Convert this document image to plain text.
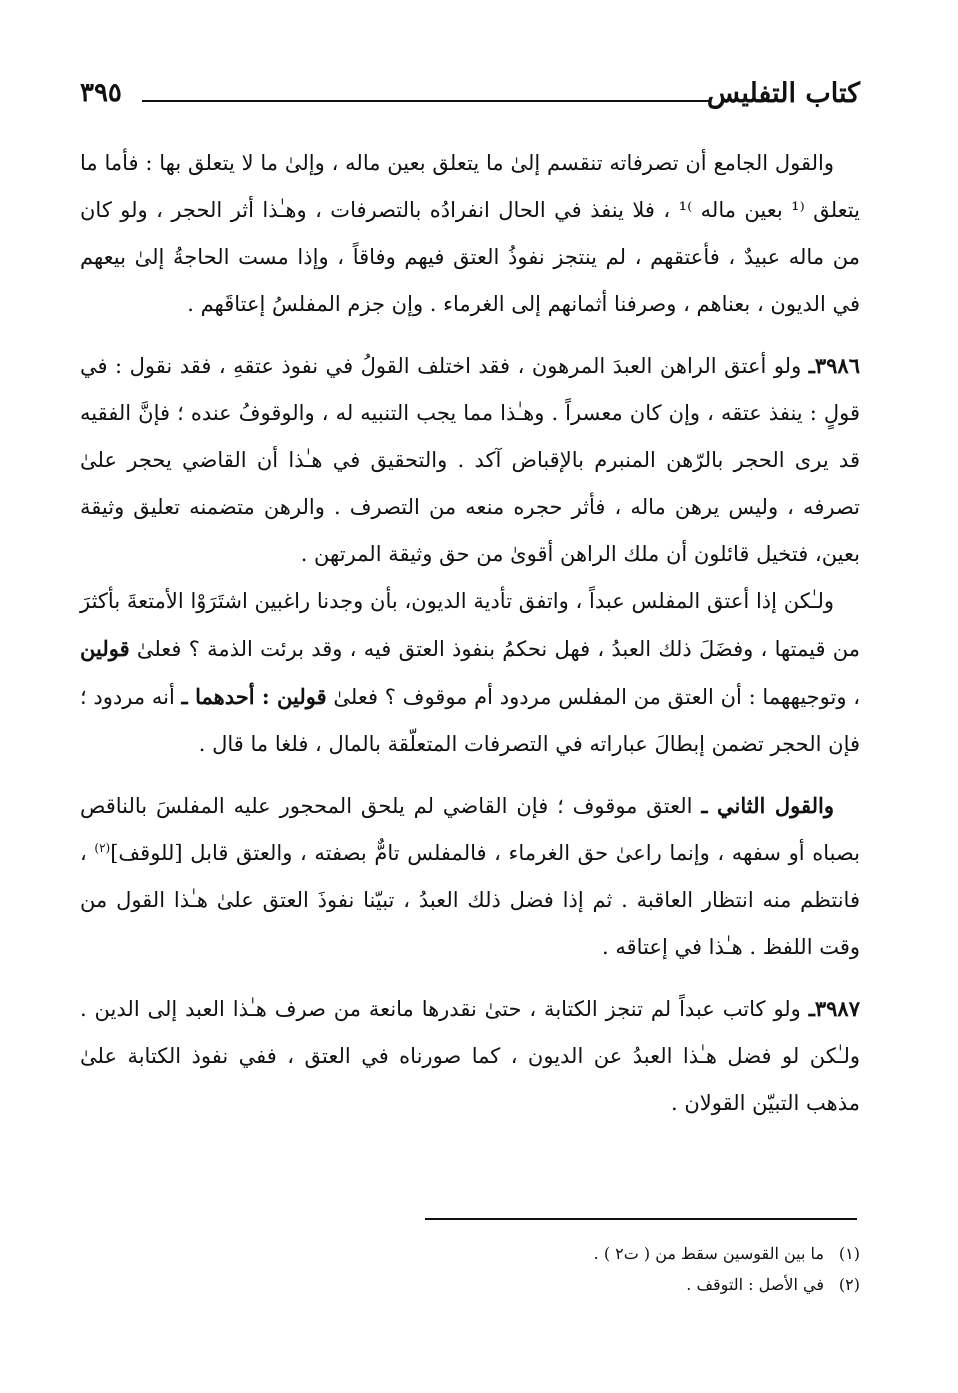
كتاب التفليس
٣٩٥

والقول الجامع أن تصرفاته تنقسم إلىٰ ما يتعلق بعين ماله ، وإلىٰ ما لا يتعلق بها : فأما ما يتعلق ⁽¹ بعين ماله ⁾¹ ، فلا ينفذ في الحال انفرادُه بالتصرفات ، وهـٰذا أثر الحجر ، ولو كان من ماله عبيدٌ ، فأعتقهم ، لم ينتجز نفوذُ العتق فيهم وفاقاً ، وإذا مست الحاجةُ إلىٰ بيعهم في الديون ، بعناهم ، وصرفنا أثمانهم إلى الغرماء . وإن جزم المفلسُ إعتاقَهم .

٣٩٨٦ـ ولو أعتق الراهن العبدَ المرهون ، فقد اختلف القولُ في نفوذ عتقهِ ، فقد نقول : في قولٍ : ينفذ عتقه ، وإن كان معسراً . وهـٰذا مما يجب التنبيه له ، والوقوفُ عنده ؛ فإنَّ الفقيه قد يرى الحجر بالرّهن المنبرم بالإقباض آكد . والتحقيق في هـٰذا أن القاضي يحجر علىٰ تصرفه ، وليس يرهن ماله ، فأثر حجره منعه من التصرف . والرهن متضمنه تعليق وثيقة بعين، فتخيل قائلون أن ملك الراهن أقوىٰ من حق وثيقة المرتهن .

ولـٰكن إذا أعتق المفلس عبداً ، واتفق تأدية الديون، بأن وجدنا راغبين اشتَرَوْا الأمتعةَ بأكثرَ من قيمتها ، وفضَلَ ذلك العبدُ ، فهل نحكمُ بنفوذ العتق فيه ، وقد برئت الذمة ؟ فعلىٰ قولين ، وتوجيههما : أن العتق من المفلس مردود أم موقوف ؟ فعلىٰ قولين : أحدهما ـ أنه مردود ؛ فإن الحجر تضمن إبطالَ عباراته في التصرفات المتعلّقة بالمال ، فلغا ما قال .

والقول الثاني ـ العتق موقوف ؛ فإن القاضي لم يلحق المحجور عليه المفلسَ بالناقص بصباه أو سفهه ، وإنما راعىٰ حق الغرماء ، فالمفلس تامٌّ بصفته ، والعتق قابل [للوقف]$^{(٢)}$ ، فانتظم منه انتظار العاقبة . ثم إذا فضل ذلك العبدُ ، تبيّنا نفوذَ العتق علىٰ هـٰذا القول من وقت اللفظ . هـٰذا في إعتاقه .

٣٩٨٧ـ ولو كاتب عبداً لم تنجز الكتابة ، حتىٰ نقدرها مانعة من صرف هـٰذا العبد إلى الدين . ولـٰكن لو فضل هـٰذا العبدُ عن الديون ، كما صورناه في العتق ، ففي نفوذ الكتابة علىٰ مذهب التبيّن القولان .

(١)ما بين القوسين سقط من ( ت٢ ) .
(٢)في الأصل : التوقف .
